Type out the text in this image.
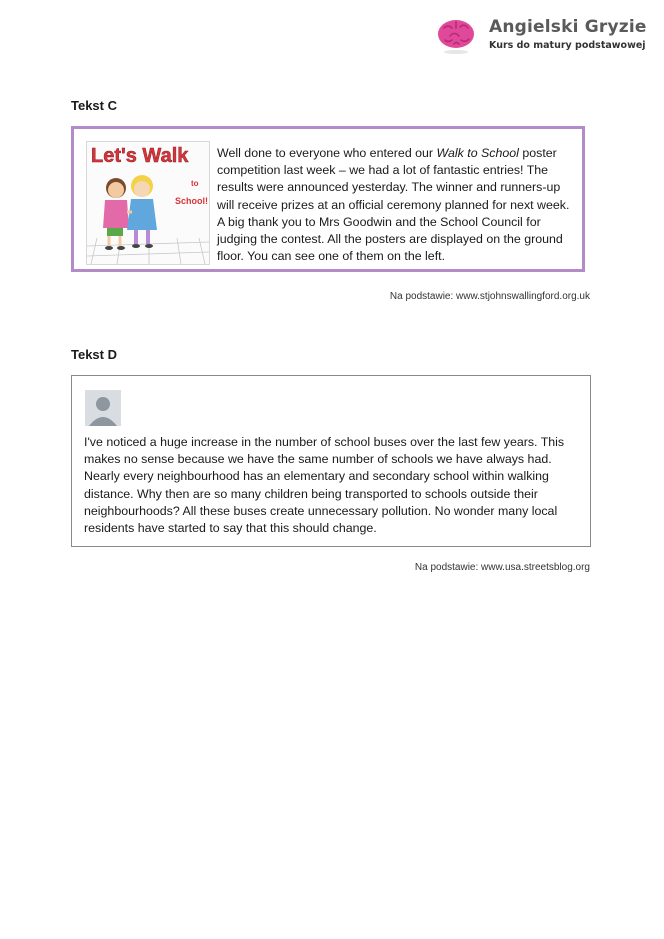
Angielski Gryzie
Kurs do matury podstawowej
Tekst C
Let's Walk
to
School!
Well done to everyone who entered our Walk to School poster competition last week – we had a lot of fantastic entries! The results were announced yesterday. The winner and runners-up will receive prizes at an official ceremony planned for next week. A big thank you to Mrs Goodwin and the School Council for judging the contest. All the posters are displayed on the ground floor. You can see one of them on the left.
Na podstawie: www.stjohnswallingford.org.uk
Tekst D
I've noticed a huge increase in the number of school buses over the last few years. This makes no sense because we have the same number of schools we have always had. Nearly every neighbourhood has an elementary and secondary school within walking distance. Why then are so many children being transported to schools outside their neighbourhoods? All these buses create unnecessary pollution. No wonder many local residents have started to say that this should change.
Na podstawie: www.usa.streetsblog.org
